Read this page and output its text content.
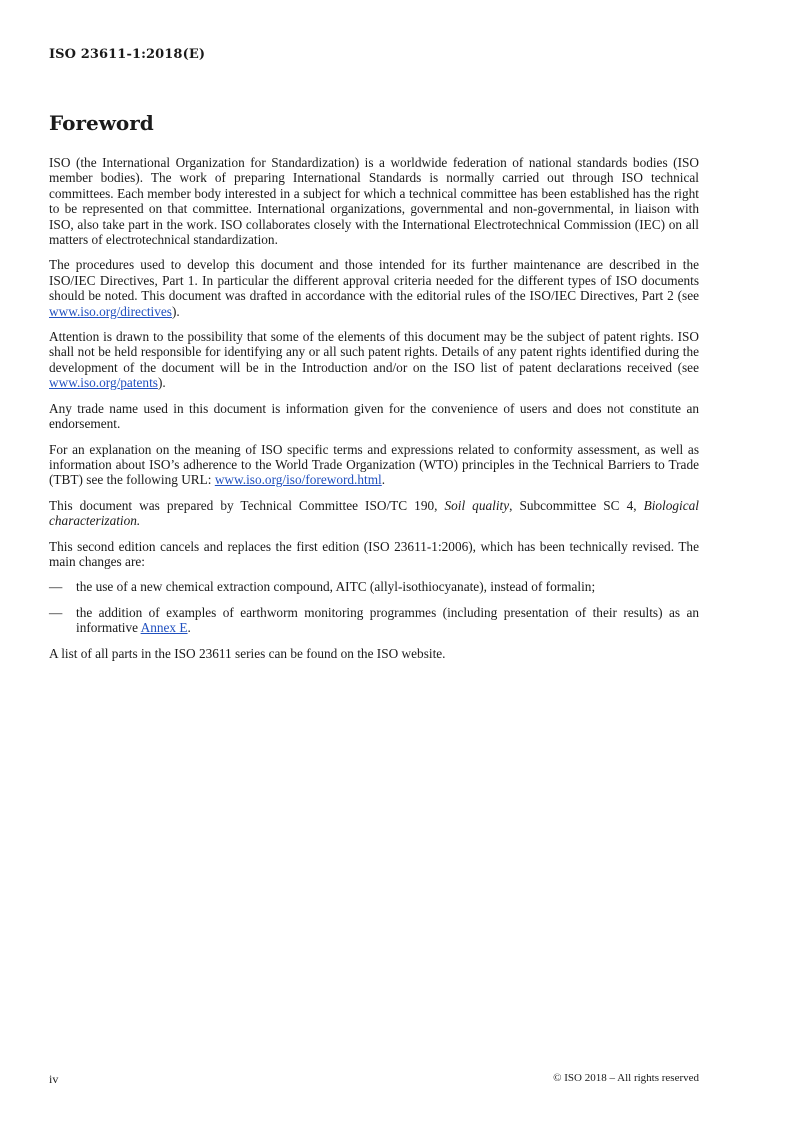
ISO 23611-1:2018(E)
Foreword

ISO (the International Organization for Standardization) is a worldwide federation of national standards bodies (ISO member bodies). The work of preparing International Standards is normally carried out through ISO technical committees. Each member body interested in a subject for which a technical committee has been established has the right to be represented on that committee. International organizations, governmental and non-governmental, in liaison with ISO, also take part in the work. ISO collaborates closely with the International Electrotechnical Commission (IEC) on all matters of electrotechnical standardization.

The procedures used to develop this document and those intended for its further maintenance are described in the ISO/IEC Directives, Part 1. In particular the different approval criteria needed for the different types of ISO documents should be noted. This document was drafted in accordance with the editorial rules of the ISO/IEC Directives, Part 2 (see www.iso.org/directives).

Attention is drawn to the possibility that some of the elements of this document may be the subject of patent rights. ISO shall not be held responsible for identifying any or all such patent rights. Details of any patent rights identified during the development of the document will be in the Introduction and/or on the ISO list of patent declarations received (see www.iso.org/patents).

Any trade name used in this document is information given for the convenience of users and does not constitute an endorsement.

For an explanation on the meaning of ISO specific terms and expressions related to conformity assessment, as well as information about ISO’s adherence to the World Trade Organization (WTO) principles in the Technical Barriers to Trade (TBT) see the following URL: www.iso.org/iso/foreword.html.

This document was prepared by Technical Committee ISO/TC 190, Soil quality, Subcommittee SC 4, Biological characterization.

This second edition cancels and replaces the first edition (ISO 23611-1:2006), which has been technically revised. The main changes are:

—	the use of a new chemical extraction compound, AITC (allyl-isothiocyanate), instead of formalin;
—	the addition of examples of earthworm monitoring programmes (including presentation of their results) as an informative Annex E.

A list of all parts in the ISO 23611 series can be found on the ISO website.

iv	© ISO 2018 – All rights reserved
